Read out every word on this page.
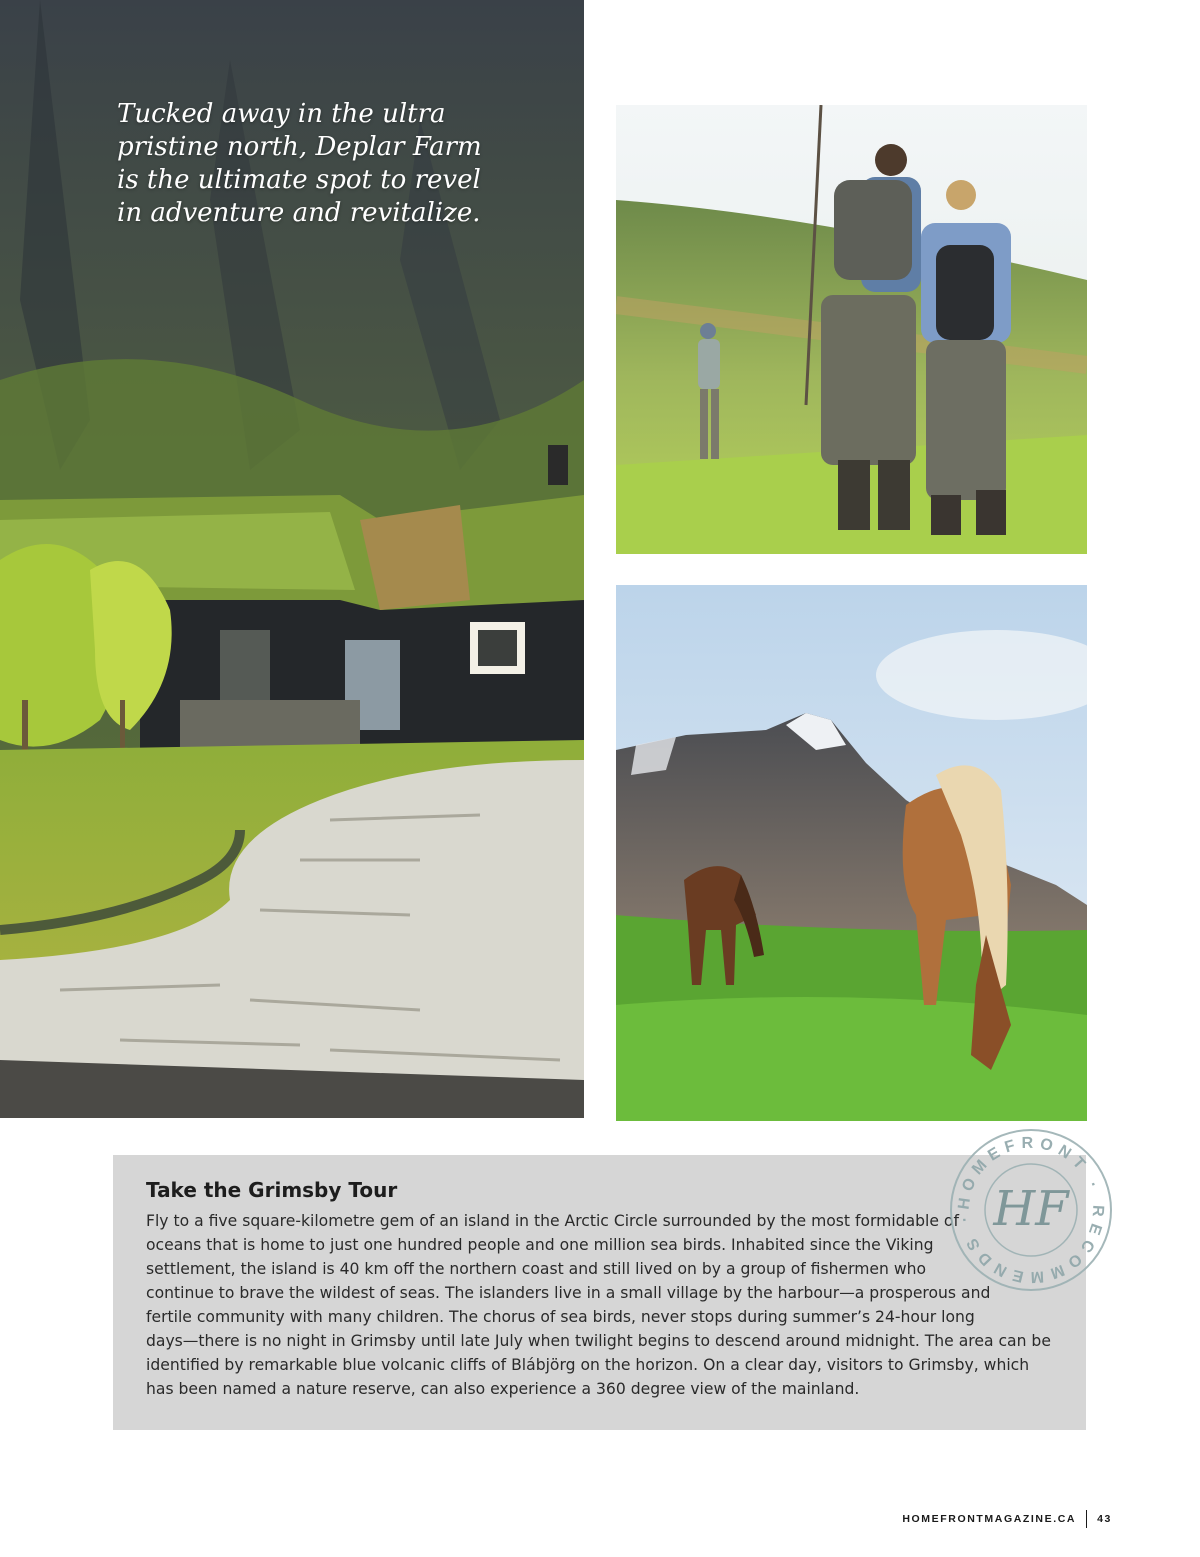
Tucked away in the ultra pristine north, Deplar Farm is the ultimate spot to revel in adventure and revitalize.

Take the Grimsby Tour

Fly to a five square-kilometre gem of an island in the Arctic Circle surrounded by the most formidable of oceans that is home to just one hundred people and one million sea birds. Inhabited since the Viking settlement, the island is 40 km off the northern coast and still lived on by a group of fishermen who continue to brave the wildest of seas. The islanders live in a small village by the harbour—a prosperous and fertile community with many children. The chorus of sea birds, never stops during summer’s 24-hour long days—there is no night in Grimsby until late July when twilight begins to descend around midnight. The area can be identified by remarkable blue volcanic cliffs of Blábjörg on the horizon. On a clear day, visitors to Grimsby, which has been named a nature reserve, can also experience a 360 degree view of the mainland.

HOMEFRONT · RECOMMENDS · HF
HOMEFRONTMAGAZINE.CA 43
